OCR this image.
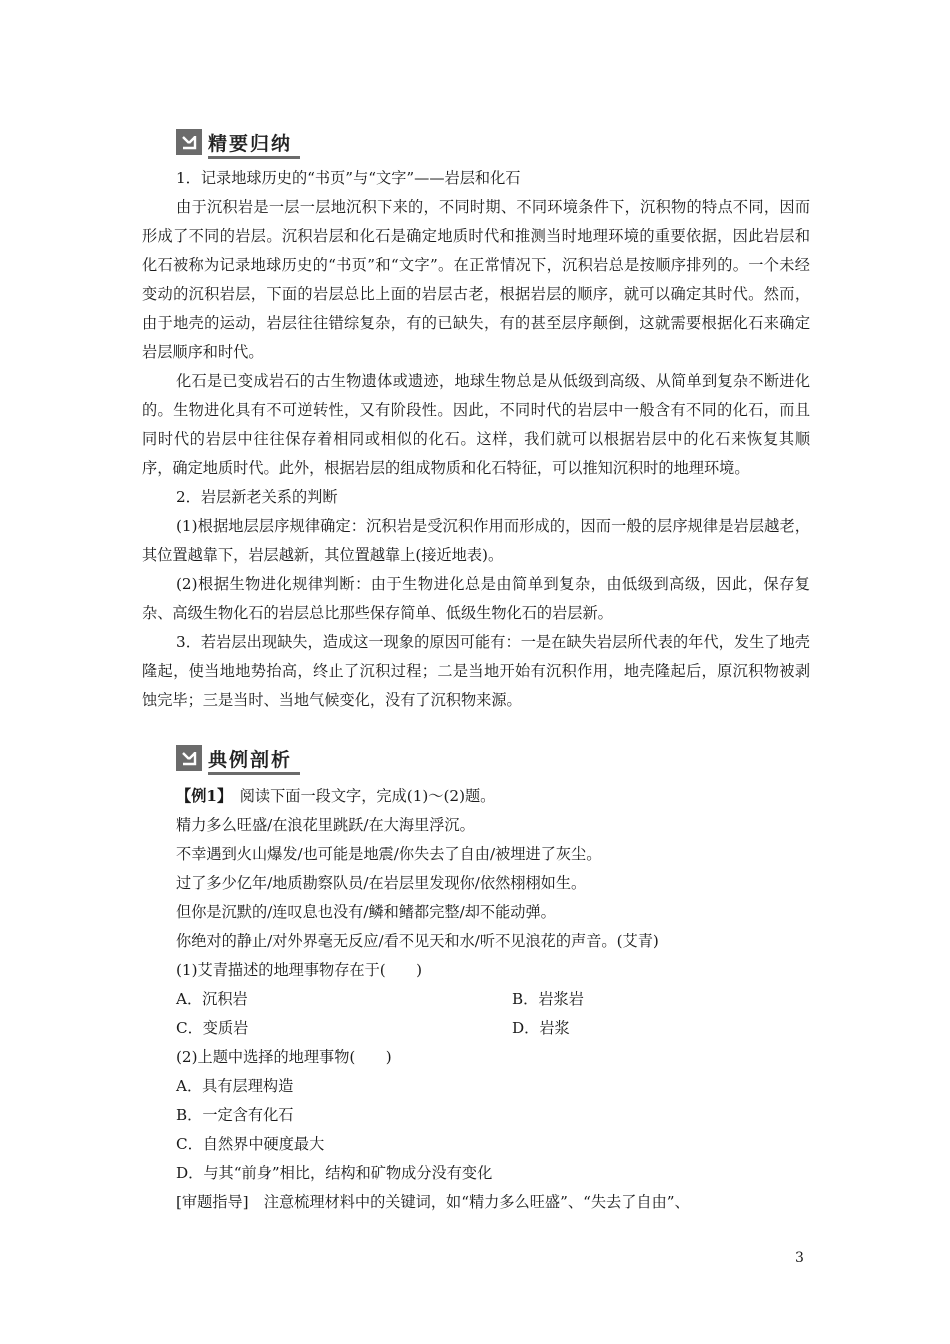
精要归纳

1．记录地球历史的“书页”与“文字”——岩层和化石

由于沉积岩是一层一层地沉积下来的，不同时期、不同环境条件下，沉积物的特点不同，因而形成了不同的岩层。沉积岩层和化石是确定地质时代和推测当时地理环境的重要依据，因此岩层和化石被称为记录地球历史的“书页”和“文字”。在正常情况下，沉积岩总是按顺序排列的。一个未经变动的沉积岩层，下面的岩层总比上面的岩层古老，根据岩层的顺序，就可以确定其时代。然而，由于地壳的运动，岩层往往错综复杂，有的已缺失，有的甚至层序颠倒，这就需要根据化石来确定岩层顺序和时代。

化石是已变成岩石的古生物遗体或遗迹，地球生物总是从低级到高级、从简单到复杂不断进化的。生物进化具有不可逆转性，又有阶段性。因此，不同时代的岩层中一般含有不同的化石，而且同时代的岩层中往往保存着相同或相似的化石。这样，我们就可以根据岩层中的化石来恢复其顺序，确定地质时代。此外，根据岩层的组成物质和化石特征，可以推知沉积时的地理环境。

2．岩层新老关系的判断

(1)根据地层层序规律确定：沉积岩是受沉积作用而形成的，因而一般的层序规律是岩层越老，其位置越靠下，岩层越新，其位置越靠上(接近地表)。

(2)根据生物进化规律判断：由于生物进化总是由简单到复杂，由低级到高级，因此，保存复杂、高级生物化石的岩层总比那些保存简单、低级生物化石的岩层新。

3．若岩层出现缺失，造成这一现象的原因可能有：一是在缺失岩层所代表的年代，发生了地壳隆起，使当地地势抬高，终止了沉积过程；二是当地开始有沉积作用，地壳隆起后，原沉积物被剥蚀完毕；三是当时、当地气候变化，没有了沉积物来源。

典例剖析
【例1】　阅读下面一段文字，完成(1)～(2)题。
精力多么旺盛/在浪花里跳跃/在大海里浮沉。
不幸遇到火山爆发/也可能是地震/你失去了自由/被埋进了灰尘。
过了多少亿年/地质勘察队员/在岩层里发现你/依然栩栩如生。
但你是沉默的/连叹息也没有/鳞和鳍都完整/却不能动弹。
你绝对的静止/对外界毫无反应/看不见天和水/听不见浪花的声音。(艾青)
(1)艾青描述的地理事物存在于(　　)
A．沉积岩	B．岩浆岩
C．变质岩	D．岩浆
(2)上题中选择的地理事物(　　)
A．具有层理构造
B．一定含有化石
C．自然界中硬度最大
D．与其“前身”相比，结构和矿物成分没有变化
[审题指导]　注意梳理材料中的关键词，如“精力多么旺盛”、“失去了自由”、
3
